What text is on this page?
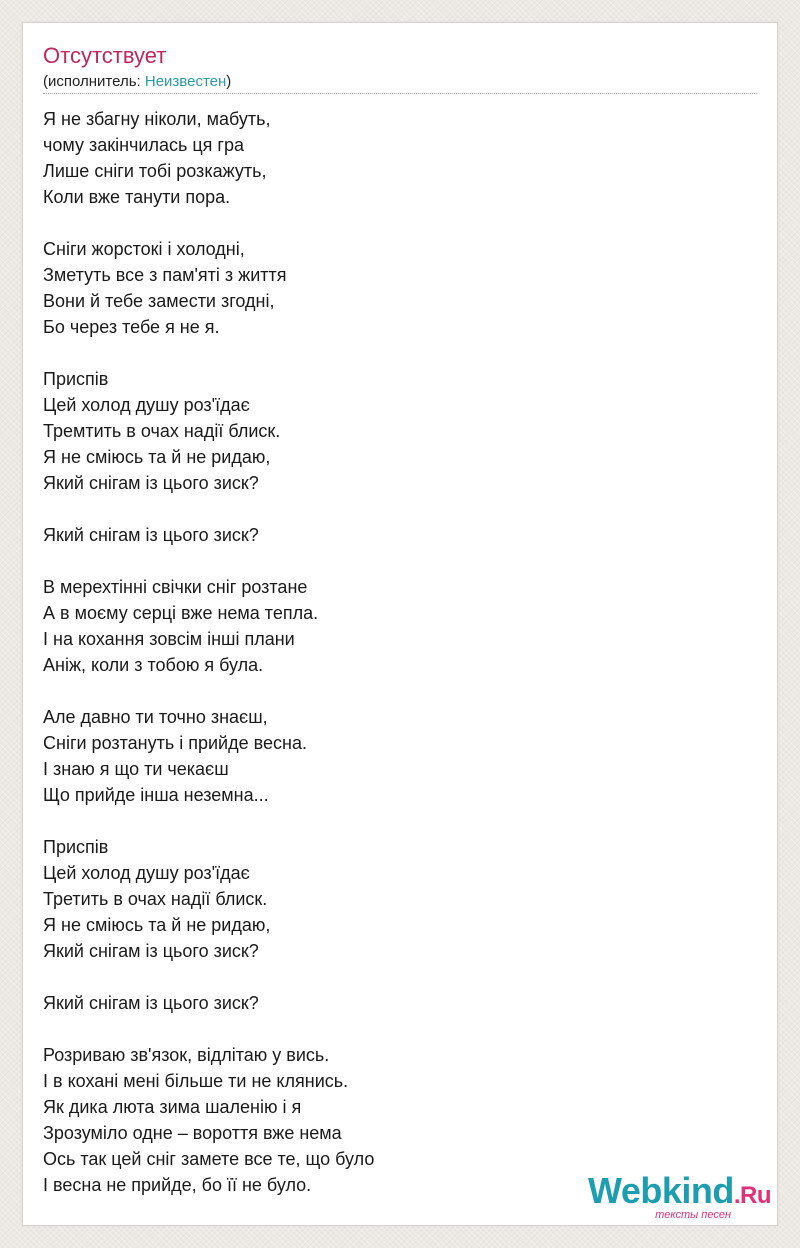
Отсутствует
(исполнитель: Неизвестен)
Я не збагну ніколи, мабуть,
чому закінчилась ця гра
Лише сніги тобі розкажуть,
Коли вже танути пора.
Сніги жорстокі і холодні,
Зметуть все з пам'яті з життя
Вони й тебе замести згодні,
Бо через тебе я не я.
Приспів
Цей холод душу роз'їдає
Тремтить в очах надії блиск.
Я не сміюсь та й не ридаю,
Який снігам із цього зиск?
Який снігам із цього зиск?
В мерехтінні свічки сніг розтане
А в моєму серці вже нема тепла.
І на кохання зовсім інші плани
Аніж, коли з тобою я була.
Але давно ти точно знаєш,
Сніги розтануть і прийде весна.
І знаю я що ти чекаєш
Що прийде інша неземна...
Приспів
Цей холод душу роз'їдає
Третить в очах надії блиск.
Я не сміюсь та й не ридаю,
Який снігам із цього зиск?
Який снігам із цього зиск?
Розриваю зв'язок, відлітаю у вись.
І в кохані мені більше ти не клянись.
Як дика люта зима шаленію і я
Зрозуміло одне – вороття вже нема
Ось так цей сніг замете все те, що було
І весна не прийде, бо її не було.	Webkind.Ru
тексты песен
